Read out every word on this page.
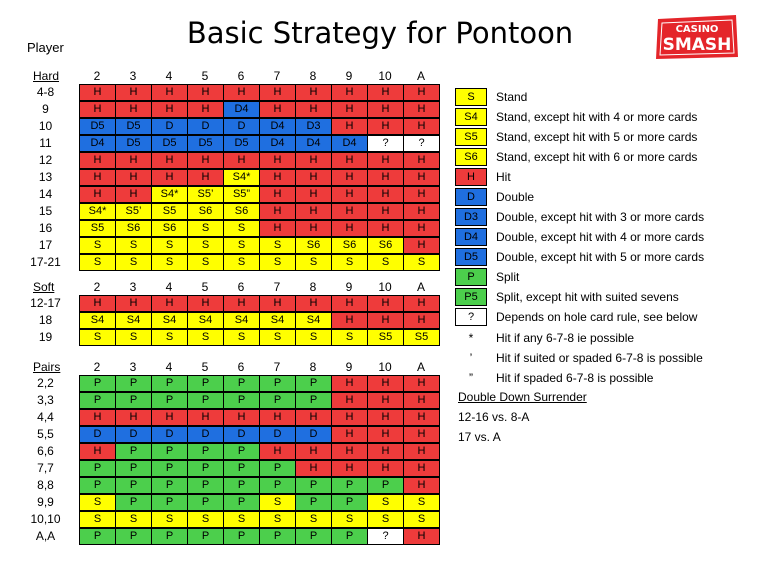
Basic Strategy for Pontoon
Player
CASINO
SMASH
Hard	2	3	4	5	6	7	8	9	10	A
4-8	H	H	H	H	H	H	H	H	H	H
9	H	H	H	H	D4	H	H	H	H	H
10	D5	D5	D	D	D	D4	D3	H	H	H
11	D4	D5	D5	D5	D5	D4	D4	D4	?	?
12	H	H	H	H	H	H	H	H	H	H
13	H	H	H	H	S4*	H	H	H	H	H
14	H	H	S4*	S5’	S5”	H	H	H	H	H
15	S4*	S5’	S5	S6	S6	H	H	H	H	H
16	S5	S6	S6	S	S	H	H	H	H	H
17	S	S	S	S	S	S	S6	S6	S6	H
17-21	S	S	S	S	S	S	S	S	S	S
Soft	2	3	4	5	6	7	8	9	10	A
12-17	H	H	H	H	H	H	H	H	H	H
18	S4	S4	S4	S4	S4	S4	S4	H	H	H
19	S	S	S	S	S	S	S	S	S5	S5
Pairs	2	3	4	5	6	7	8	9	10	A
2,2	P	P	P	P	P	P	P	H	H	H
3,3	P	P	P	P	P	P	P	H	H	H
4,4	H	H	H	H	H	H	H	H	H	H
5,5	D	D	D	D	D	D	D	H	H	H
6,6	H	P	P	P	P	H	H	H	H	H
7,7	P	P	P	P	P	P	H	H	H	H
8,8	P	P	P	P	P	P	P	P	P	H
9,9	S	P	P	P	P	S	P	P	S	S
10,10	S	S	S	S	S	S	S	S	S	S
A,A	P	P	P	P	P	P	P	P	?	H
S	Stand
S4	Stand, except hit with 4 or more cards
S5	Stand, except hit with 5 or more cards
S6	Stand, except hit with 6 or more cards
H	Hit
D	Double
D3	Double, except hit with 3 or more cards
D4	Double, except hit with 4 or more cards
D5	Double, except hit with 5 or more cards
P	Split
P5	Split, except hit with suited sevens
?	Depends on hole card rule, see below
*	Hit if any 6-7-8 ie possible
’	Hit if suited or spaded 6-7-8 is possible
”	Hit if spaded 6-7-8 is possible
Double Down Surrender
12-16 vs. 8-A
17 vs. A
